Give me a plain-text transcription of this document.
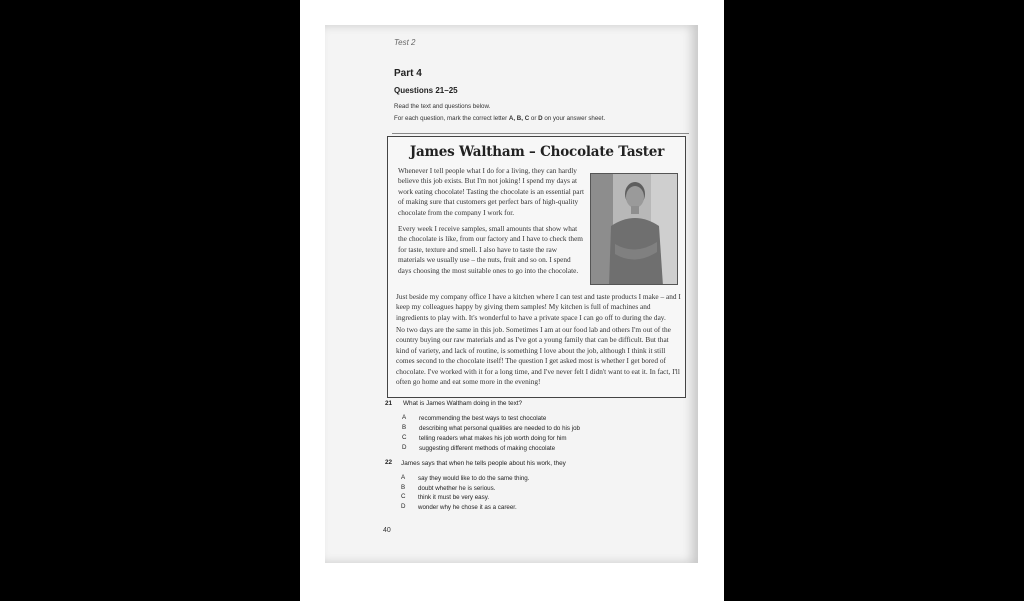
Test 2
Part 4
Questions 21–25
Read the text and questions below.
For each question, mark the correct letter A, B, C or D on your answer sheet.
James Waltham – Chocolate Taster
Whenever I tell people what I do for a living, they can hardly believe this job exists. But I'm not joking! I spend my days at work eating chocolate! Tasting the chocolate is an essential part of making sure that customers get perfect bars of high-quality chocolate from the company I work for.
Every week I receive samples, small amounts that show what the chocolate is like, from our factory and I have to check them for taste, texture and smell. I also have to taste the raw materials we usually use – the nuts, fruit and so on. I spend days choosing the most suitable ones to go into the chocolate.
Just beside my company office I have a kitchen where I can test and taste products I make – and I keep my colleagues happy by giving them samples! My kitchen is full of machines and ingredients to play with. It's wonderful to have a private space I can go off to during the day.
No two days are the same in this job. Sometimes I am at our food lab and others I'm out of the country buying our raw materials and as I've got a young family that can be difficult. But that kind of variety, and lack of routine, is something I love about the job, although I think it still comes second to the chocolate itself! The question I get asked most is whether I get bored of chocolate. I've worked with it for a long time, and I've never felt I didn't want to eat it. In fact, I'll often go home and eat some more in the evening!
21 What is James Waltham doing in the text?
A recommending the best ways to test chocolate
B describing what personal qualities are needed to do his job
C telling readers what makes his job worth doing for him
D suggesting different methods of making chocolate
22 James says that when he tells people about his work, they
A say they would like to do the same thing.
B doubt whether he is serious.
C think it must be very easy.
D wonder why he chose it as a career.
40
